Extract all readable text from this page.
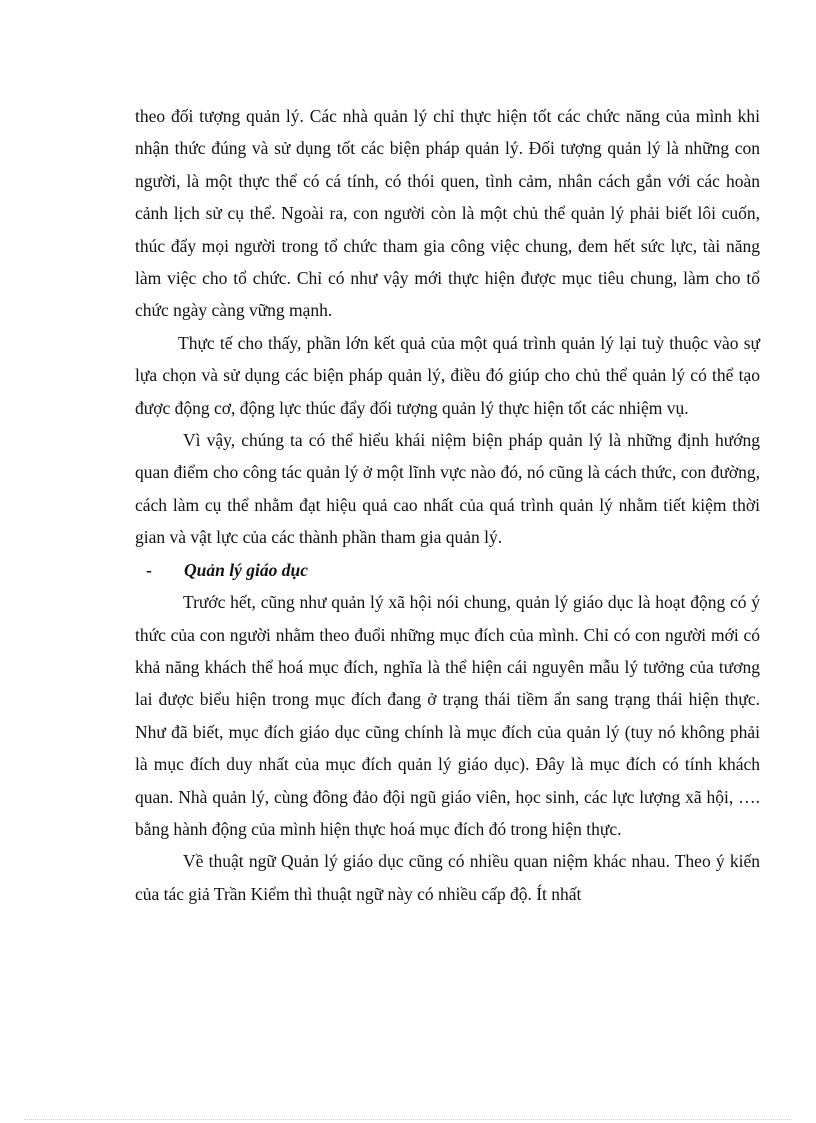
theo đối tượng quản lý. Các nhà quản lý chỉ thực hiện tốt các chức năng của mình khi nhận thức đúng và sử dụng tốt các biện pháp quản lý. Đối tượng quản lý là những con người, là một thực thể có cá tính, có thói quen, tình cảm, nhân cách gắn với các hoàn cảnh lịch sử cụ thể. Ngoài ra, con người còn là một chủ thể quản lý phải biết lôi cuốn, thúc đẩy mọi người trong tổ chức tham gia công việc chung, đem hết sức lực, tài năng làm việc cho tổ chức. Chỉ có như vậy mới thực hiện được mục tiêu chung, làm cho tổ chức ngày càng vững mạnh.

Thực tế cho thấy, phần lớn kết quả của một quá trình quản lý lại tuỳ thuộc vào sự lựa chọn và sử dụng các biện pháp quản lý, điều đó giúp cho chủ thể quản lý có thể tạo được động cơ, động lực thúc đẩy đối tượng quản lý thực hiện tốt các nhiệm vụ.

Vì vậy, chúng ta có thể hiểu khái niệm biện pháp quản lý là những định hướng quan điểm cho công tác quản lý ở một lĩnh vực nào đó, nó cũng là cách thức, con đường, cách làm cụ thể nhằm đạt hiệu quả cao nhất của quá trình quản lý nhằm tiết kiệm thời gian và vật lực của các thành phần tham gia quản lý.

- Quản lý giáo dục

Trước hết, cũng như quản lý xã hội nói chung, quản lý giáo dục là hoạt động có ý thức của con người nhằm theo đuổi những mục đích của mình. Chỉ có con người mới có khả năng khách thể hoá mục đích, nghĩa là thể hiện cái nguyên mẫu lý tưởng của tương lai được biểu hiện trong mục đích đang ở trạng thái tiềm ẩn sang trạng thái hiện thực. Như đã biết, mục đích giáo dục cũng chính là mục đích của quản lý (tuy nó không phải là mục đích duy nhất của mục đích quản lý giáo dục). Đây là mục đích có tính khách quan. Nhà quản lý, cùng đông đảo đội ngũ giáo viên, học sinh, các lực lượng xã hội, …. bằng hành động của mình hiện thực hoá mục đích đó trong hiện thực.

Về thuật ngữ Quản lý giáo dục cũng có nhiều quan niệm khác nhau. Theo ý kiến của tác giả Trần Kiểm thì thuật ngữ này có nhiều cấp độ. Ít nhất
